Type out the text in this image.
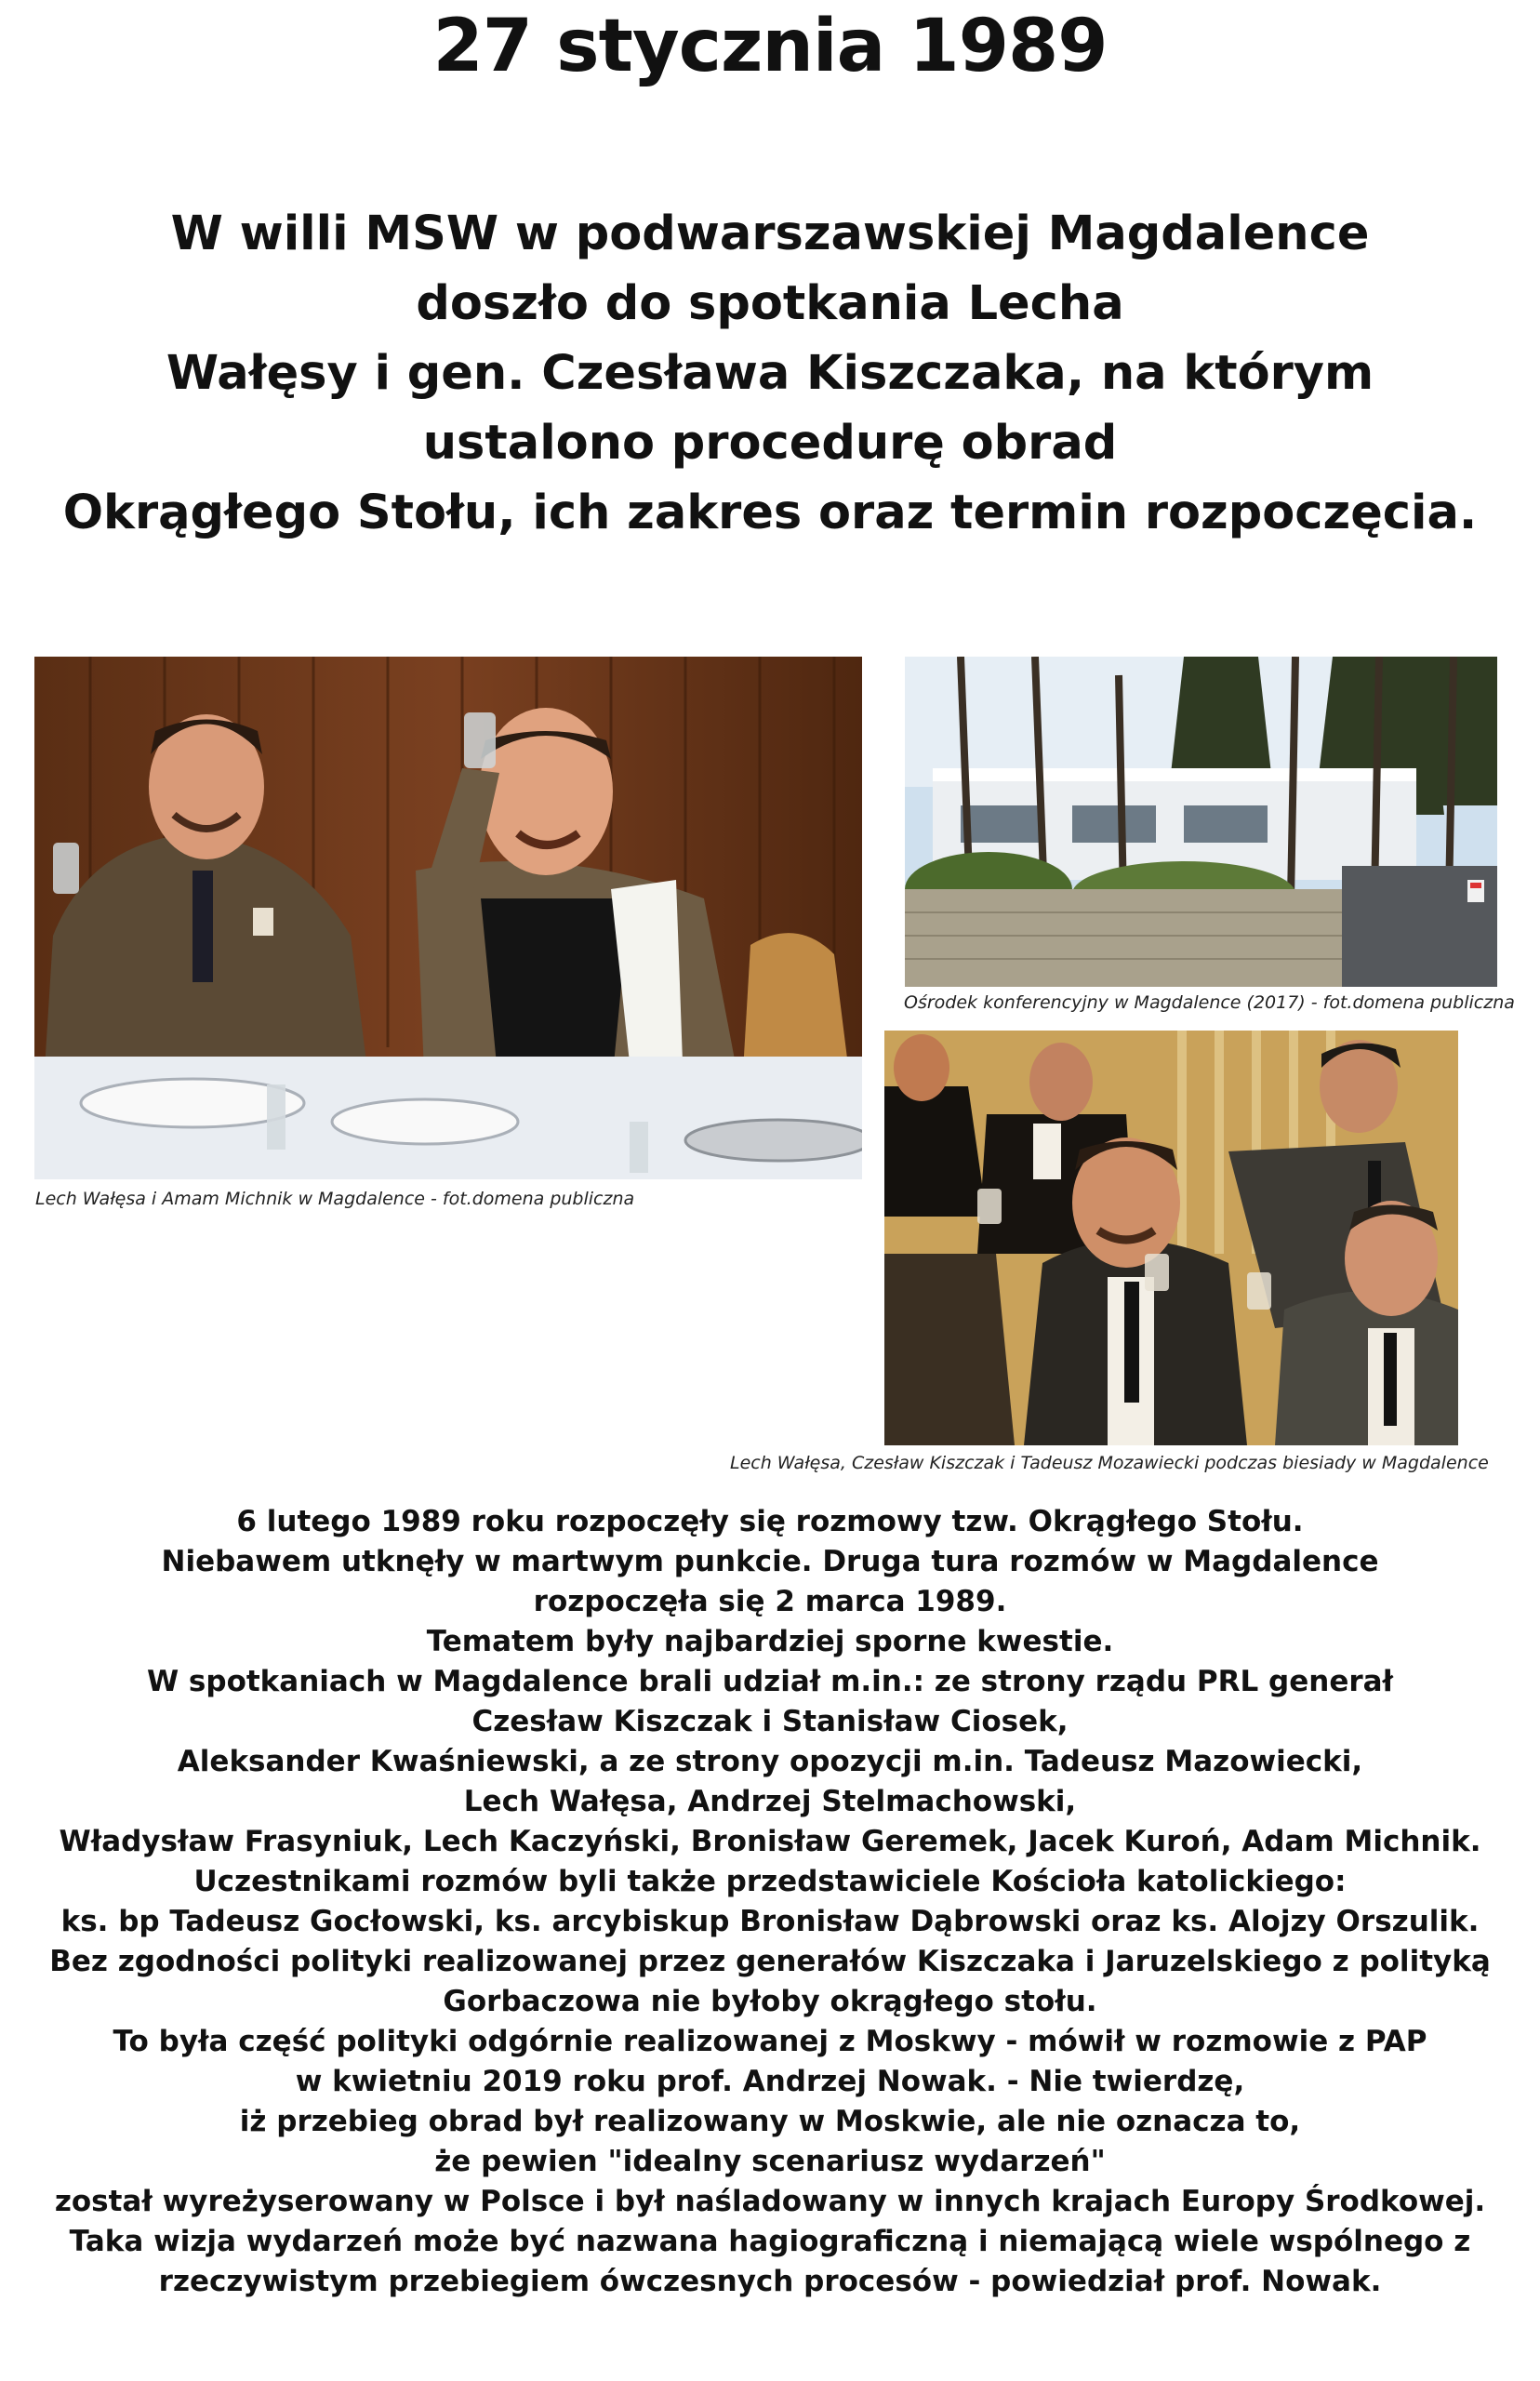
27 stycznia 1989
W willi MSW w podwarszawskiej Magdalence
doszło do spotkania Lecha
Wałęsy i gen. Czesława Kiszczaka, na którym
ustalono procedurę obrad
Okrągłego Stołu, ich zakres oraz termin rozpoczęcia.

Lech Wałęsa i Amam Michnik w Magdalence - fot.domena publiczna

Ośrodek konferencyjny w Magdalence (2017) - fot.domena publiczna

Lech Wałęsa, Czesław Kiszczak i Tadeusz Mozawiecki podczas biesiady w Magdalence

6 lutego 1989 roku rozpoczęły się rozmowy tzw. Okrągłego Stołu.
Niebawem utknęły w martwym punkcie. Druga tura rozmów w Magdalence
rozpoczęła się 2 marca 1989.
Tematem były najbardziej sporne kwestie.
W spotkaniach w Magdalence brali udział m.in.: ze strony rządu PRL generał
Czesław Kiszczak i Stanisław Ciosek,
Aleksander Kwaśniewski, a ze strony opozycji m.in. Tadeusz Mazowiecki,
Lech Wałęsa, Andrzej Stelmachowski,
Władysław Frasyniuk, Lech Kaczyński, Bronisław Geremek, Jacek Kuroń, Adam Michnik.
Uczestnikami rozmów byli także przedstawiciele Kościoła katolickiego:
ks. bp Tadeusz Gocłowski, ks. arcybiskup Bronisław Dąbrowski oraz ks. Alojzy Orszulik.
Bez zgodności polityki realizowanej przez generałów Kiszczaka i Jaruzelskiego z polityką
Gorbaczowa nie byłoby okrągłego stołu.
To była część polityki odgórnie realizowanej z Moskwy - mówił w rozmowie z PAP
w kwietniu 2019 roku prof. Andrzej Nowak. - Nie twierdzę,
iż przebieg obrad był realizowany w Moskwie, ale nie oznacza to,
że pewien "idealny scenariusz wydarzeń"
został wyreżyserowany w Polsce i był naśladowany w innych krajach Europy Środkowej.
Taka wizja wydarzeń może być nazwana hagiograficzną i niemającą wiele wspólnego z
rzeczywistym przebiegiem ówczesnych procesów - powiedział prof. Nowak.
